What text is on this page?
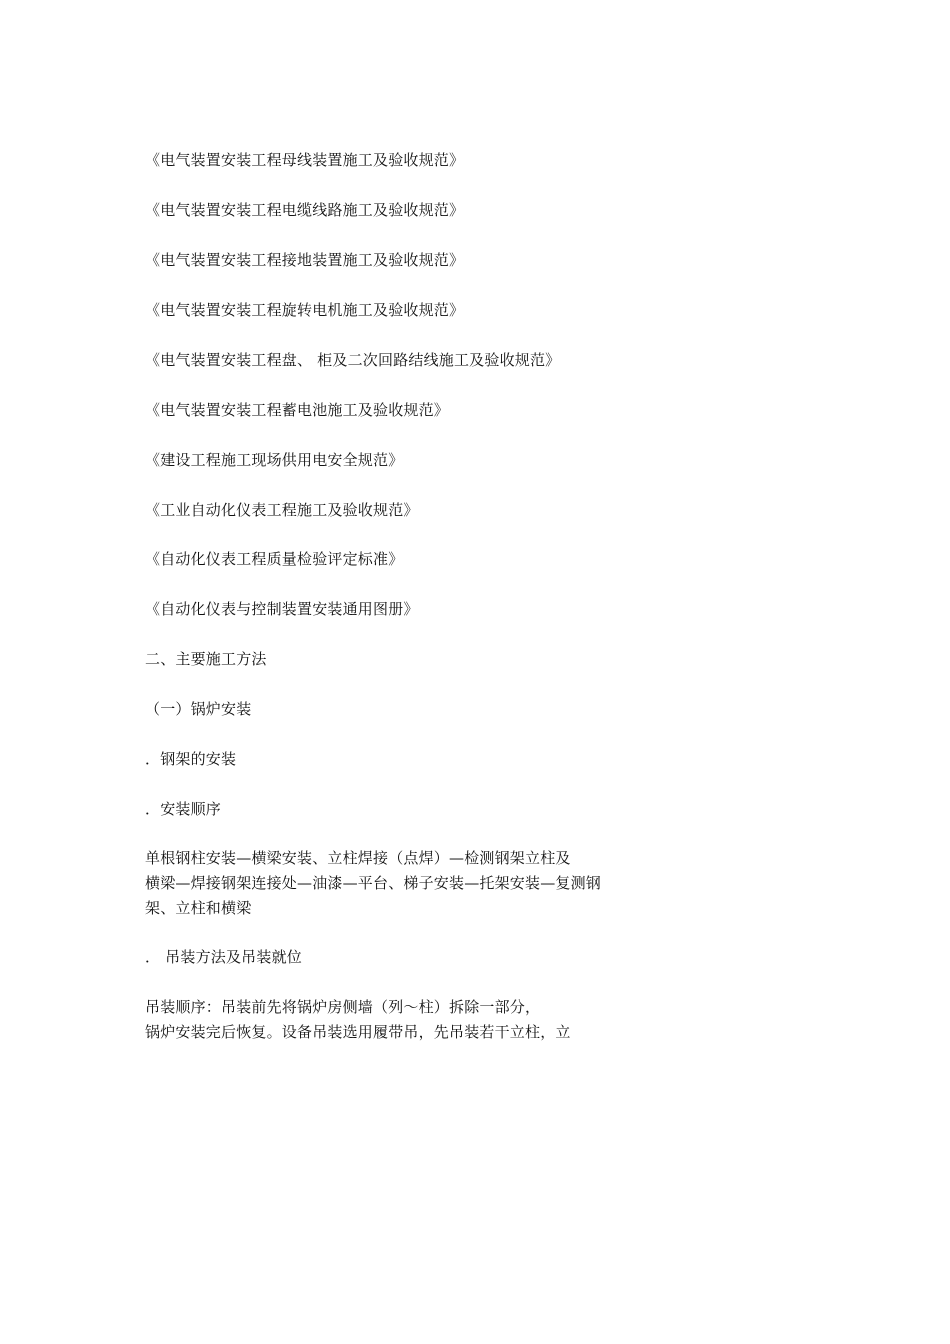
《电气装置安装工程母线装置施工及验收规范》
《电气装置安装工程电缆线路施工及验收规范》
《电气装置安装工程接地装置施工及验收规范》
《电气装置安装工程旋转电机施工及验收规范》
《电气装置安装工程盘、 柜及二次回路结线施工及验收规范》
《电气装置安装工程蓄电池施工及验收规范》
《建设工程施工现场供用电安全规范》
《工业自动化仪表工程施工及验收规范》
《自动化仪表工程质量检验评定标准》
《自动化仪表与控制装置安装通用图册》
二、主要施工方法
（一）锅炉安装
．钢架的安装
．安装顺序
单根钢柱安装—横梁安装、立柱焊接（点焊）—检测钢架立柱及
横梁—焊接钢架连接处—油漆—平台、梯子安装—托架安装—复测钢
架、立柱和横梁
． 吊装方法及吊装就位
吊装顺序：吊装前先将锅炉房侧墙（列～柱）拆除一部分，
锅炉安装完后恢复。设备吊装选用履带吊，先吊装若干立柱，立
